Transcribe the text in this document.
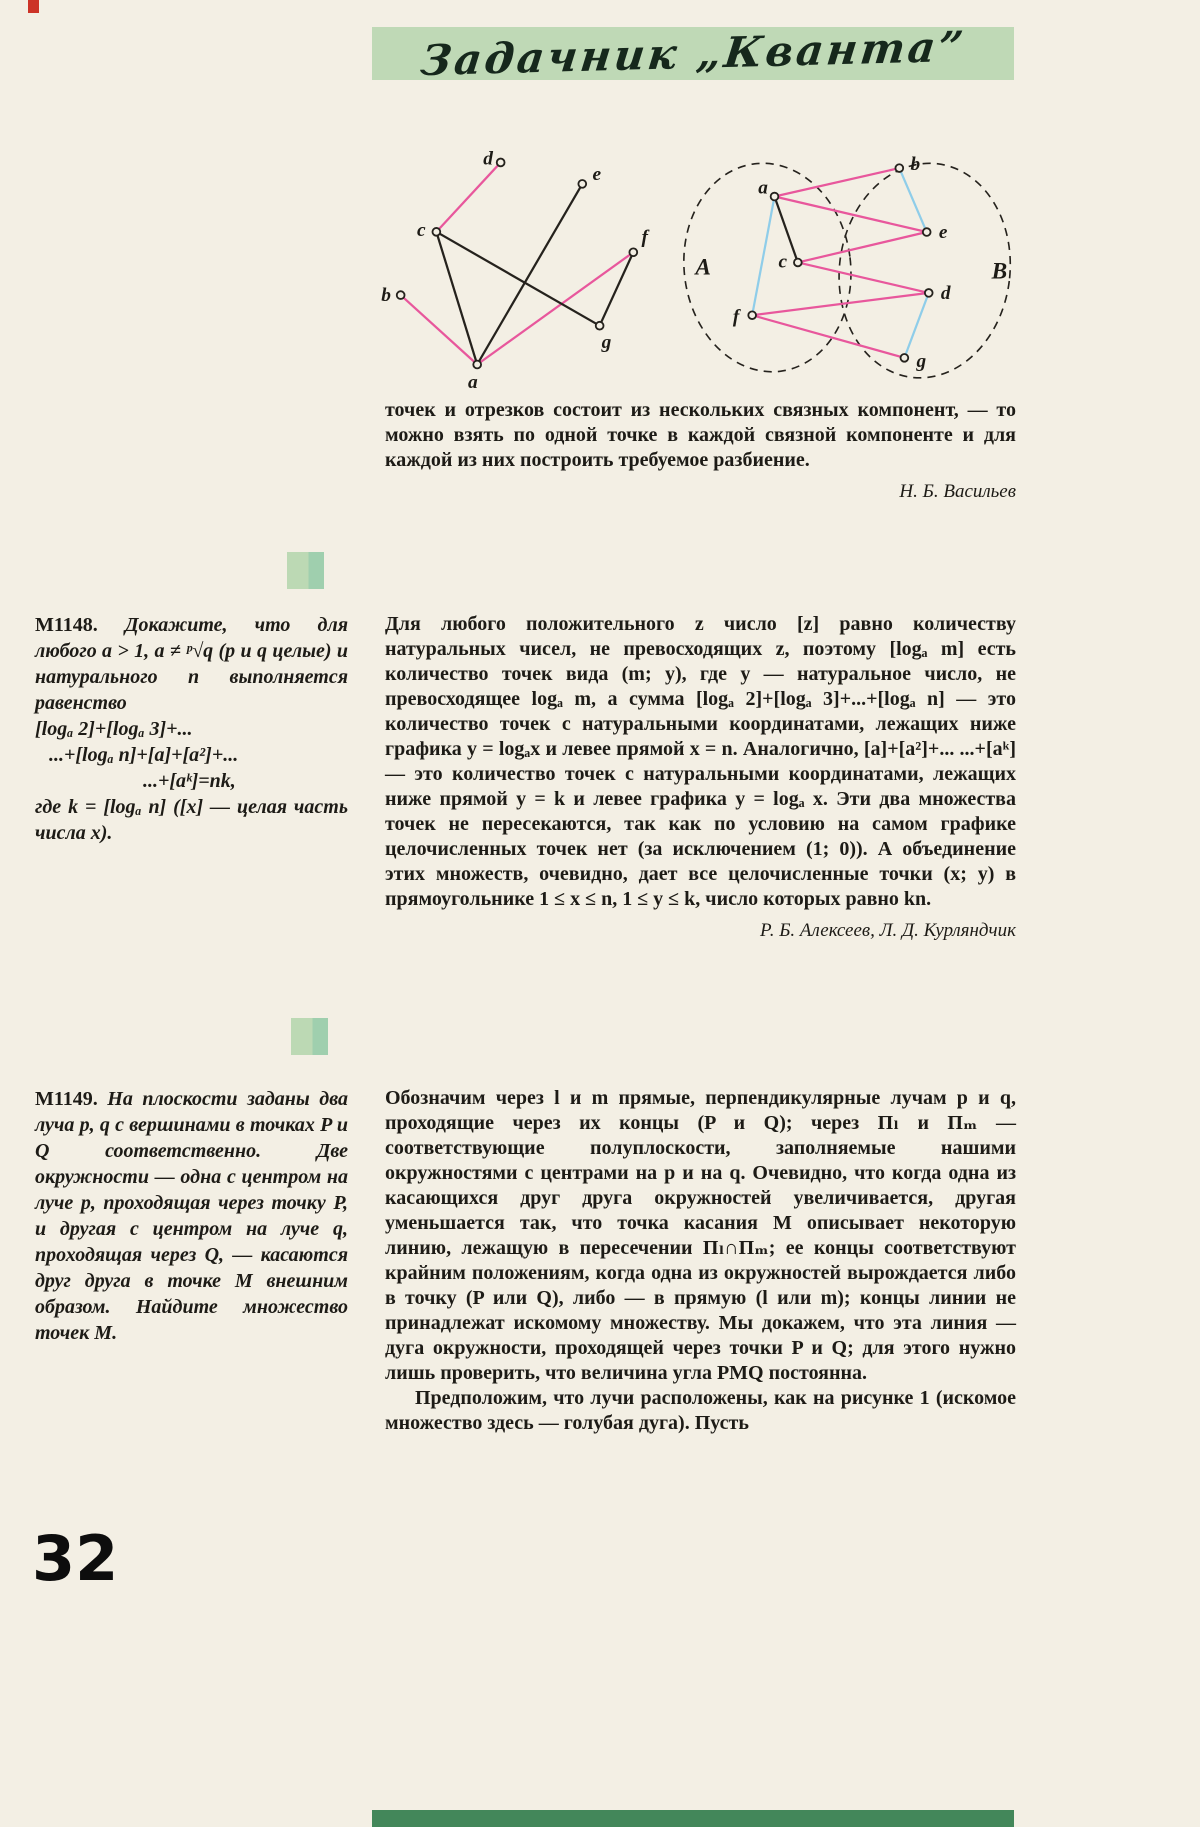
Задачник „Кванта”
d
e
c	f
b
g
a
A	B
a
c
f
b
e
d
g

точек и отрезков состоит из нескольких связных компонент, — то можно взять по одной точке в каждой связной компоненте и для каждой из них построить требуемое разбиение.

Н. Б. Васильев

М1148. Докажите, что для любого a > 1, a ≠ ᵖ√q (p и q целые) и натурального n выполняется равенство
[logₐ 2]+[logₐ 3]+...
...+[logₐ n]+[a]+[a²]+...
...+[aᵏ]=nk,
где k = [logₐ n] ([x] — целая часть числа x).

Для любого положительного z число [z] равно количеству натуральных чисел, не превосходящих z, поэтому [logₐ m] есть количество точек вида (m; y), где y — натуральное число, не превосходящее logₐ m, а сумма [logₐ 2]+[logₐ 3]+...+[logₐ n] — это количество точек с натуральными координатами, лежащих ниже графика y = logₐx и левее прямой x = n. Аналогично, [a]+[a²]+... ...+[aᵏ] — это количество точек с натуральными координатами, лежащих ниже прямой y = k и левее графика y = logₐ x. Эти два множества точек не пересекаются, так как по условию на самом графике целочисленных точек нет (за исключением (1; 0)). А объединение этих множеств, очевидно, дает все целочисленные точки (x; y) в прямоугольнике 1 ≤ x ≤ n, 1 ≤ y ≤ k, число которых равно kn.

Р. Б. Алексеев, Л. Д. Курляндчик

М1149. На плоскости заданы два луча p, q с вершинами в точках P и Q соответственно. Две окружности — одна с центром на луче p, проходящая через точку P, и другая с центром на луче q, проходящая через Q, — касаются друг друга в точке M внешним образом. Найдите множество точек M.

Обозначим через l и m прямые, перпендикулярные лучам p и q, проходящие через их концы (P и Q); через Пₗ и Пₘ — соответствующие полуплоскости, заполняемые нашими окружностями с центрами на p и на q. Очевидно, что когда одна из касающихся друг друга окружностей увеличивается, другая уменьшается так, что точка касания M описывает некоторую линию, лежащую в пересечении Пₗ∩Пₘ; ее концы соответствуют крайним положениям, когда одна из окружностей вырождается либо в точку (P или Q), либо — в прямую (l или m); концы линии не принадлежат искомому множеству. Мы докажем, что эта линия — дуга окружности, проходящей через точки P и Q; для этого нужно лишь проверить, что величина угла PMQ постоянна.

Предположим, что лучи расположены, как на рисунке 1 (искомое множество здесь — голубая дуга). Пусть

32
